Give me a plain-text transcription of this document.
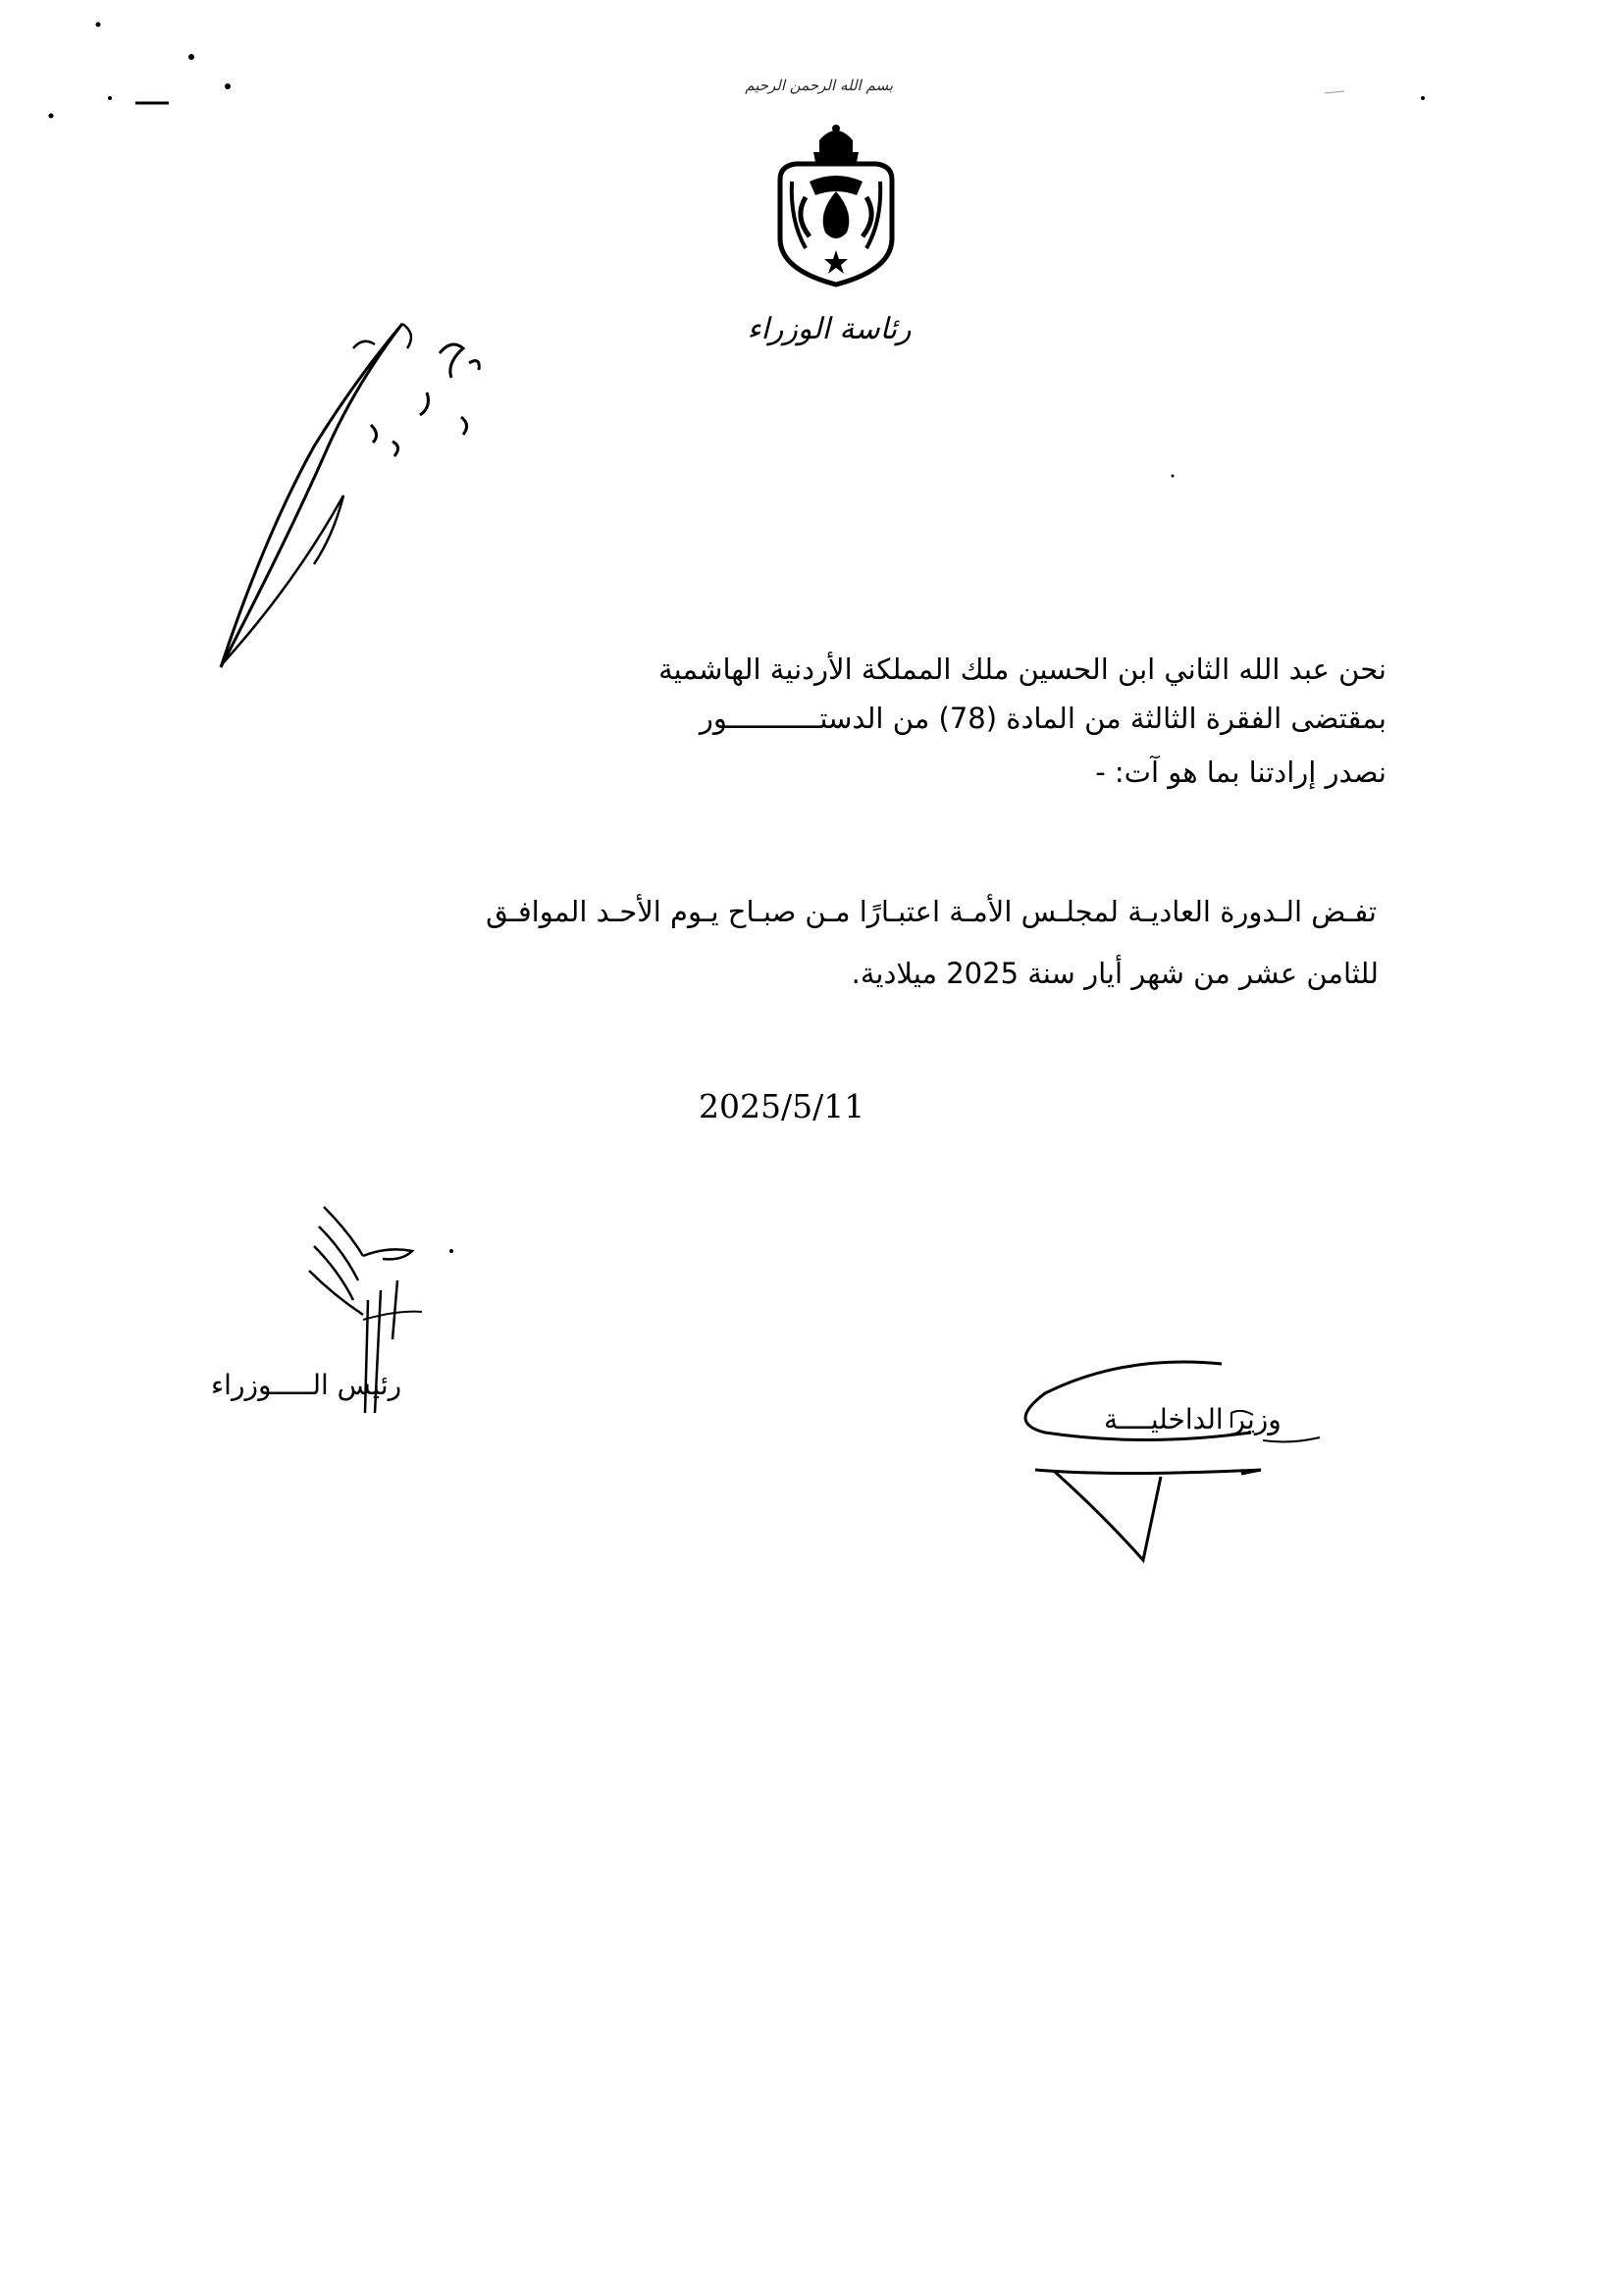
بسم الله الرحمن الرحيم
رئاسة الوزراء
نحن عبد الله الثاني ابن الحسين ملك المملكة الأردنية الهاشمية
بمقتضى الفقرة الثالثة من المادة (78) من الدستـــــــــــور
نصدر إرادتنا بما هو آت: -
تفـض الـدورة العاديـة لمجلـس الأمـة اعتبـارًا مـن صبـاح يـوم الأحـد الموافـق
للثامن عشر من شهر أيار سنة 2025 ميلادية.
2025/5/11
رئيس الـــــوزراء
وزير الداخليــــة
